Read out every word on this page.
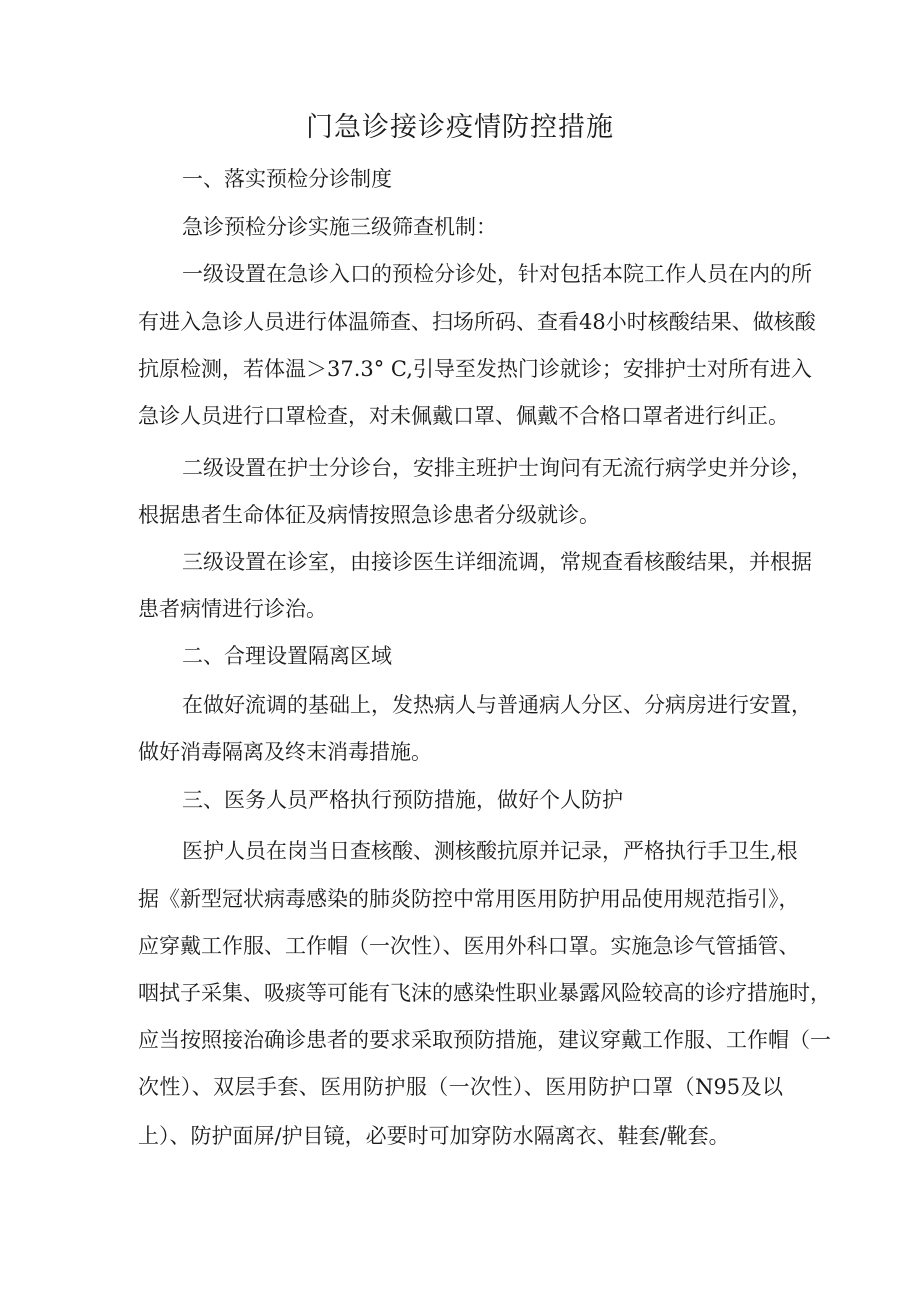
门急诊接诊疫情防控措施

一、落实预检分诊制度

急诊预检分诊实施三级筛查机制：

一级设置在急诊入口的预检分诊处，针对包括本院工作人员在内的所

有进入急诊人员进行体温筛查、扫场所码、查看48小时核酸结果、做核酸

抗原检测，若体温＞37.3° C,引导至发热门诊就诊；安排护士对所有进入

急诊人员进行口罩检查，对未佩戴口罩、佩戴不合格口罩者进行纠正。

二级设置在护士分诊台，安排主班护士询问有无流行病学史并分诊，

根据患者生命体征及病情按照急诊患者分级就诊。

三级设置在诊室，由接诊医生详细流调，常规查看核酸结果，并根据

患者病情进行诊治。

二、合理设置隔离区域

在做好流调的基础上，发热病人与普通病人分区、分病房进行安置，

做好消毒隔离及终末消毒措施。

三、医务人员严格执行预防措施，做好个人防护

医护人员在岗当日查核酸、测核酸抗原并记录，严格执行手卫生,根

据《新型冠状病毒感染的肺炎防控中常用医用防护用品使用规范指引》，

应穿戴工作服、工作帽（一次性）、医用外科口罩。实施急诊气管插管、

咽拭子采集、吸痰等可能有飞沫的感染性职业暴露风险较高的诊疗措施时，

应当按照接治确诊患者的要求采取预防措施，建议穿戴工作服、工作帽（一

次性）、双层手套、医用防护服（一次性）、医用防护口罩（N95及以

上）、防护面屏/护目镜，必要时可加穿防水隔离衣、鞋套/靴套。
